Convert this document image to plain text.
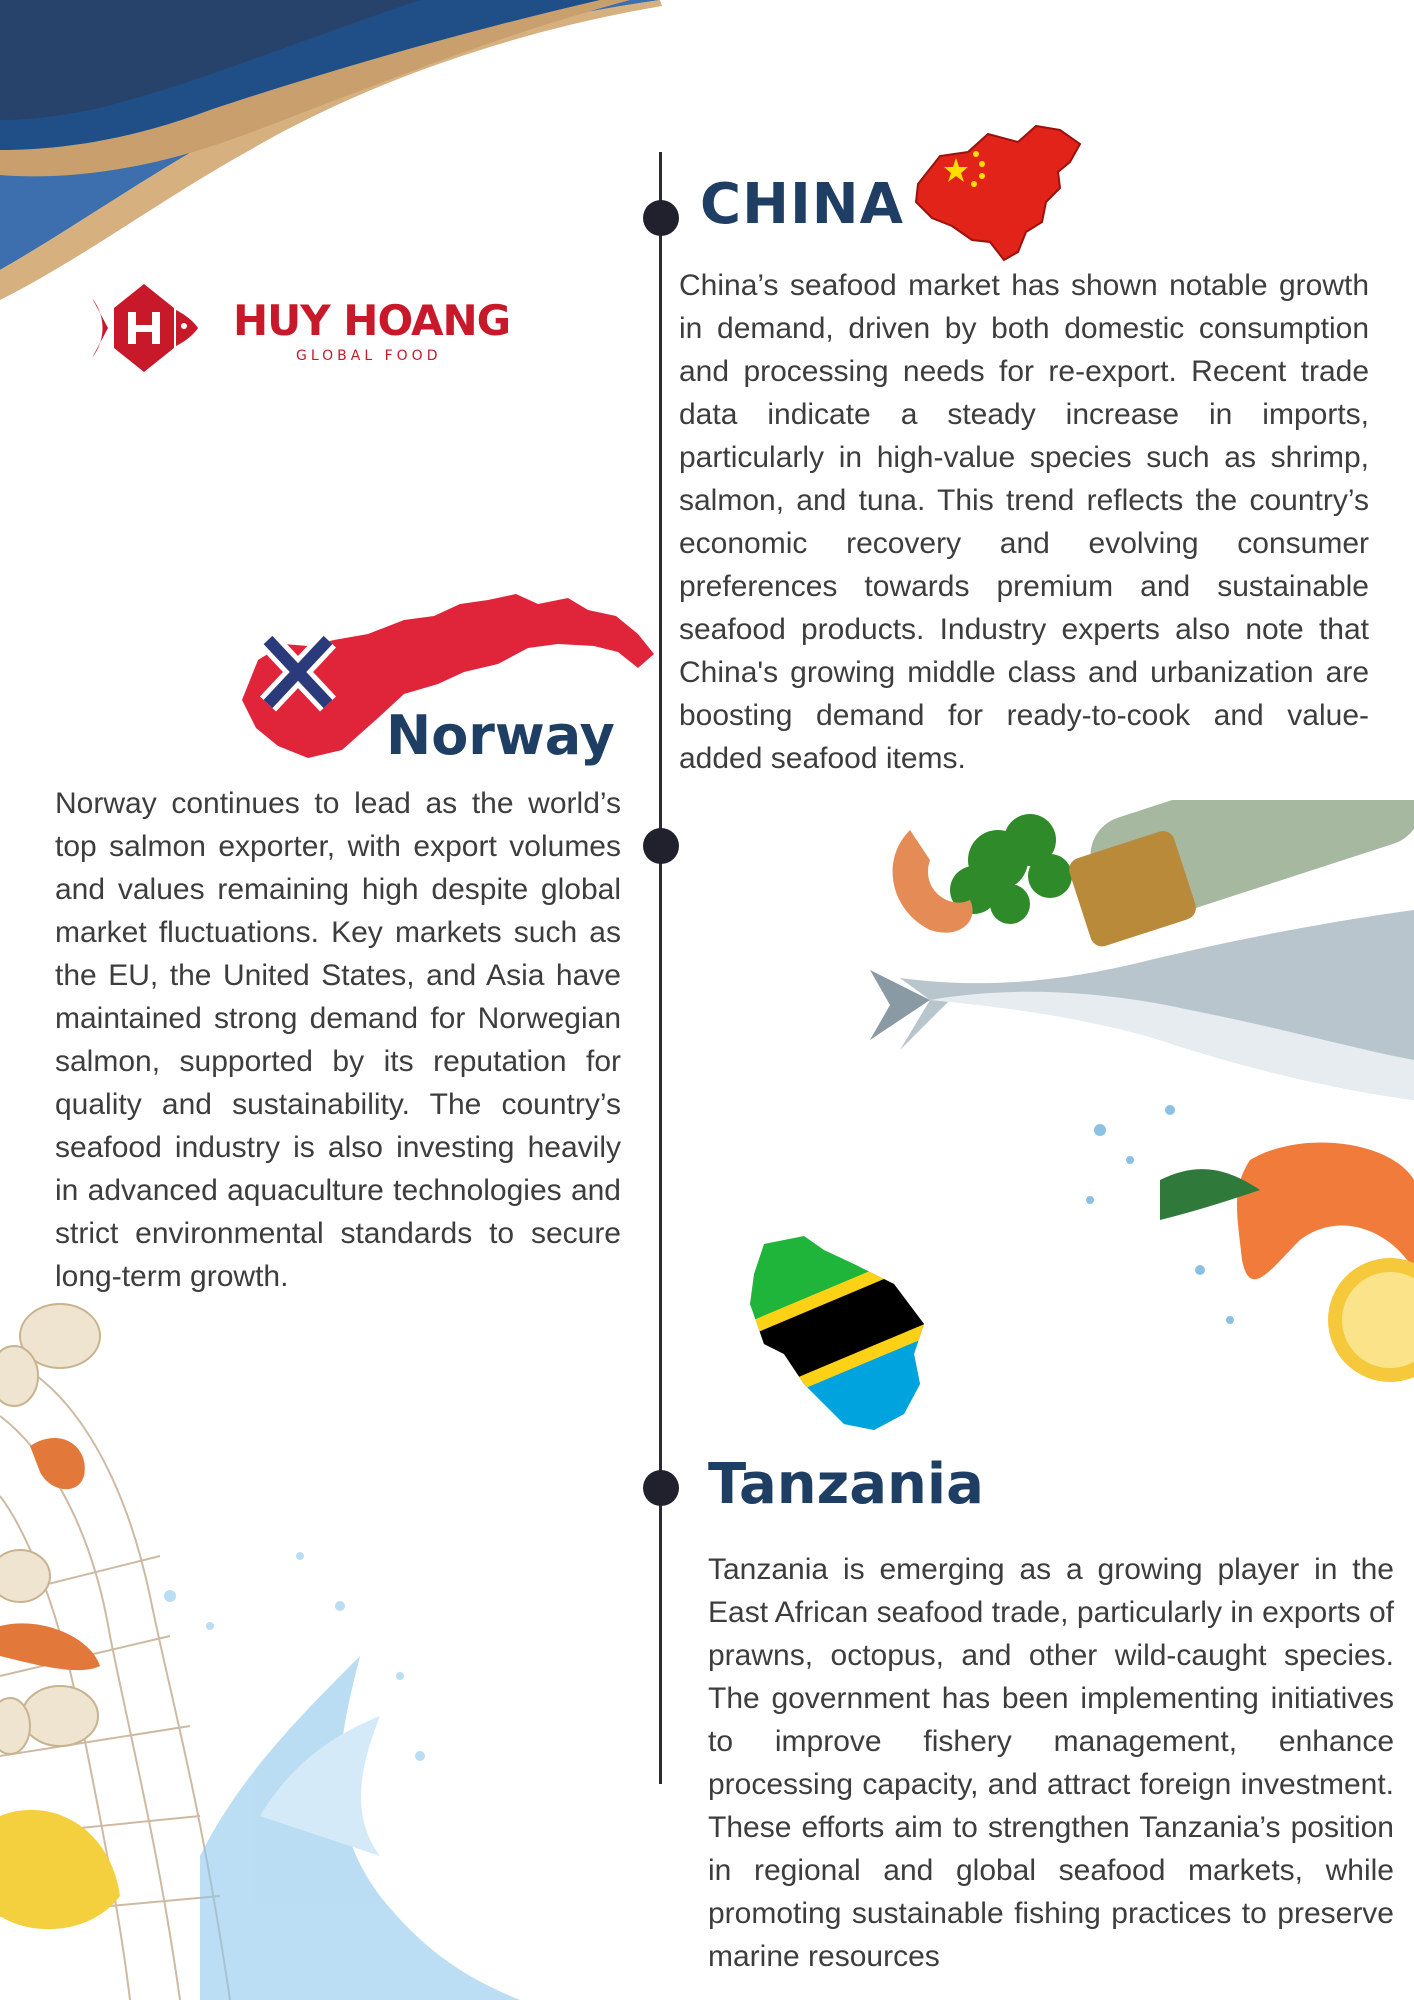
HUY HOANG
GLOBAL FOOD
CHINA
China’s seafood market has shown notable growth in demand, driven by both domestic consumption and processing needs for re-export. Recent trade data indicate a steady increase in imports, particularly in high-value species such as shrimp, salmon, and tuna. This trend reflects the country’s economic recovery and evolving consumer preferences towards premium and sustainable seafood products. Industry experts also note that China's growing middle class and urbanization are boosting demand for ready-to-cook and value-added seafood items.
Norway
Norway continues to lead as the world’s top salmon exporter, with export volumes and values remaining high despite global market fluctuations. Key markets such as the EU, the United States, and Asia have maintained strong demand for Norwegian salmon, supported by its reputation for quality and sustainability. The country’s seafood industry is also investing heavily in advanced aquaculture technologies and strict environmental standards to secure long-term growth.
Tanzania
Tanzania is emerging as a growing player in the East African seafood trade, particularly in exports of prawns, octopus, and other wild-caught species. The government has been implementing initiatives to improve fishery management, enhance processing capacity, and attract foreign investment. These efforts aim to strengthen Tanzania’s position in regional and global seafood markets, while promoting sustainable fishing practices to preserve marine resources
